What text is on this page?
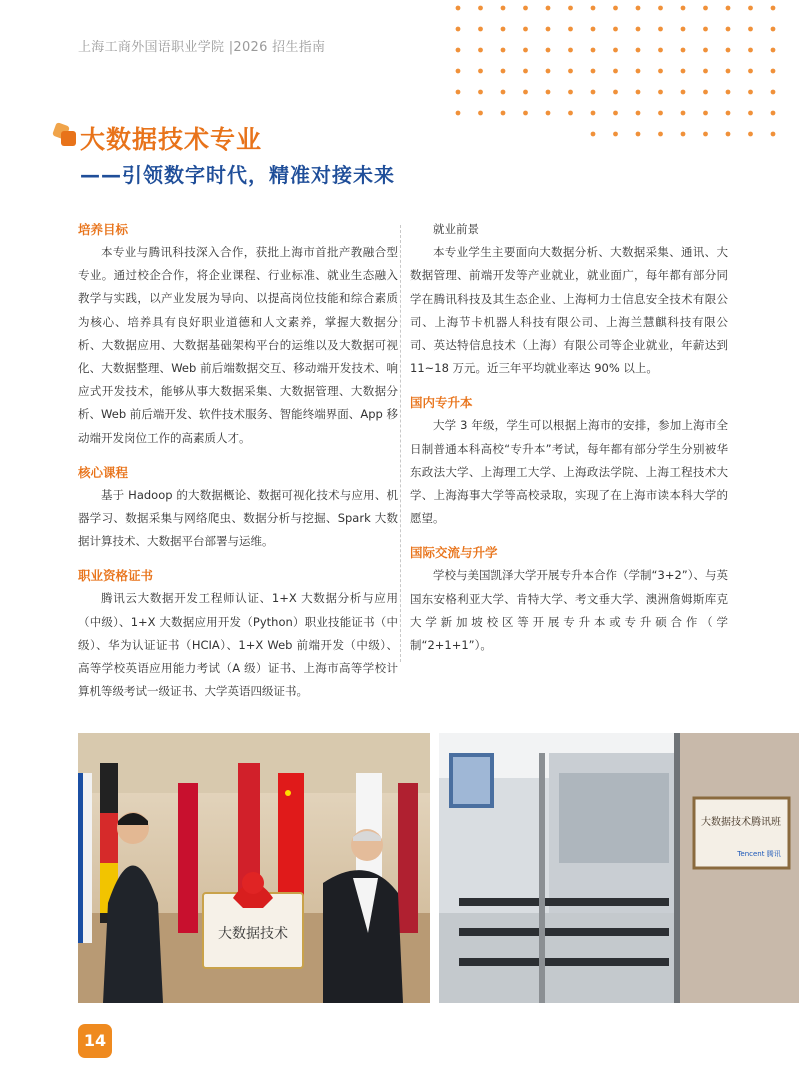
上海工商外国语职业学院 |2026 招生指南
大数据技术专业
——引领数字时代，精准对接未来

培养目标

本专业与腾讯科技深入合作，获批上海市首批产教融合型专业。通过校企合作，将企业课程、行业标准、就业生态融入教学与实践，以产业发展为导向、以提高岗位技能和综合素质为核心、培养具有良好职业道德和人文素养，掌握大数据分析、大数据应用、大数据基础架构平台的运维以及大数据可视化、大数据整理、Web 前后端数据交互、移动端开发技术、响应式开发技术，能够从事大数据采集、大数据管理、大数据分析、Web 前后端开发、软件技术服务、智能终端界面、App 移动端开发岗位工作的高素质人才。

核心课程

基于 Hadoop 的大数据概论、数据可视化技术与应用、机器学习、数据采集与网络爬虫、数据分析与挖掘、Spark 大数据计算技术、大数据平台部署与运维。

职业资格证书

腾讯云大数据开发工程师认证、1+X 大数据分析与应用（中级）、1+X 大数据应用开发（Python）职业技能证书（中级）、华为认证证书（HCIA）、1+X Web 前端开发（中级）、高等学校英语应用能力考试（A 级）证书、上海市高等学校计算机等级考试一级证书、大学英语四级证书。

就业前景

本专业学生主要面向大数据分析、大数据采集、通讯、大数据管理、前端开发等产业就业，就业面广，每年都有部分同学在腾讯科技及其生态企业、上海柯力士信息安全技术有限公司、上海节卡机器人科技有限公司、上海兰慧麒科技有限公司、英达特信息技术（上海）有限公司等企业就业，年薪达到 11~18 万元。近三年平均就业率达 90% 以上。

国内专升本

大学 3 年级，学生可以根据上海市的安排，参加上海市全日制普通本科高校“专升本”考试，每年都有部分学生分别被华东政法大学、上海理工大学、上海政法学院、上海工程技术大学、上海海事大学等高校录取，实现了在上海市读本科大学的愿望。

国际交流与升学

学校与美国凯泽大学开展专升本合作（学制“3+2”）、与英国东安格利亚大学、肯特大学、考文垂大学、澳洲詹姆斯库克大学新加坡校区等开展专升本或专升硕合作（学制“2+1+1”）。

大数据技术
大数据技术腾讯班
Tencent 腾讯
14
